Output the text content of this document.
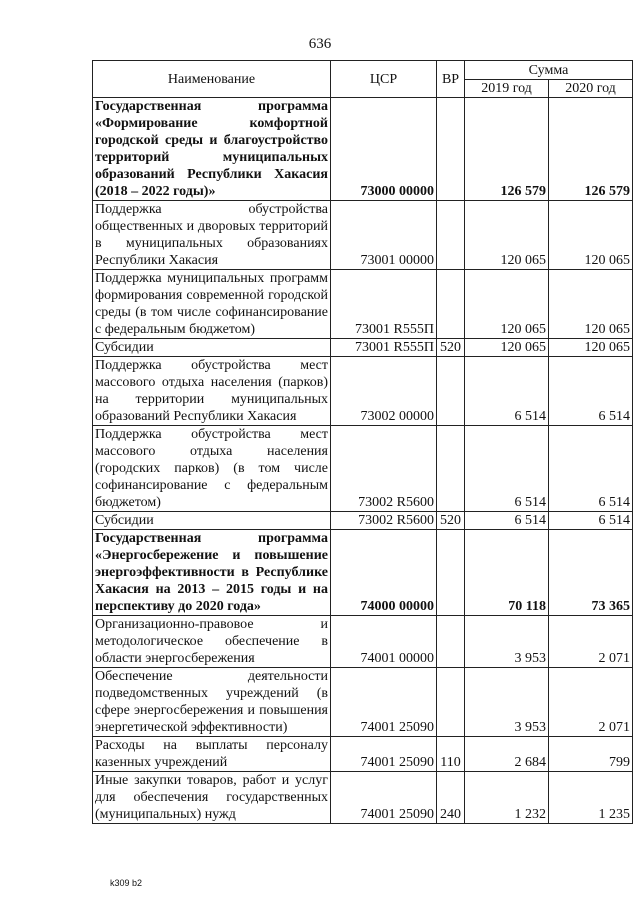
636
Наименование	ЦСР	ВР	Сумма	
			2019 год	2020 год
Государственная программа «Формирование комфортной городской среды и благоустройство территорий муниципальных образований Республики Хакасия (2018 – 2022 годы)»	73000 00000		126 579	126 579
Поддержка обустройства общественных и дворовых территорий в муниципальных образованиях Республики Хакасия	73001 00000		120 065	120 065
Поддержка муниципальных программ формирования современной городской среды (в том числе софинансирование с федеральным бюджетом)	73001 R555П		120 065	120 065
Субсидии	73001 R555П	520	120 065	120 065
Поддержка обустройства мест массового отдыха населения (парков) на территории муниципальных образований Республики Хакасия	73002 00000		6 514	6 514
Поддержка обустройства мест массового отдыха населения (городских парков) (в том числе софинансирование с федеральным бюджетом)	73002 R5600		6 514	6 514
Субсидии	73002 R5600	520	6 514	6 514
Государственная программа «Энергосбережение и повышение энергоэффективности в Республике Хакасия на 2013 – 2015 годы и на перспективу до 2020 года»	74000 00000		70 118	73 365
Организационно-правовое и методологическое обеспечение в области энергосбережения	74001 00000		3 953	2 071
Обеспечение деятельности подведомственных учреждений (в сфере энергосбережения и повышения энергетической эффективности)	74001 25090		3 953	2 071
Расходы на выплаты персоналу казенных учреждений	74001 25090	110	2 684	799
Иные закупки товаров, работ и услуг для обеспечения государственных (муниципальных) нужд	74001 25090	240	1 232	1 235
k309 b2
